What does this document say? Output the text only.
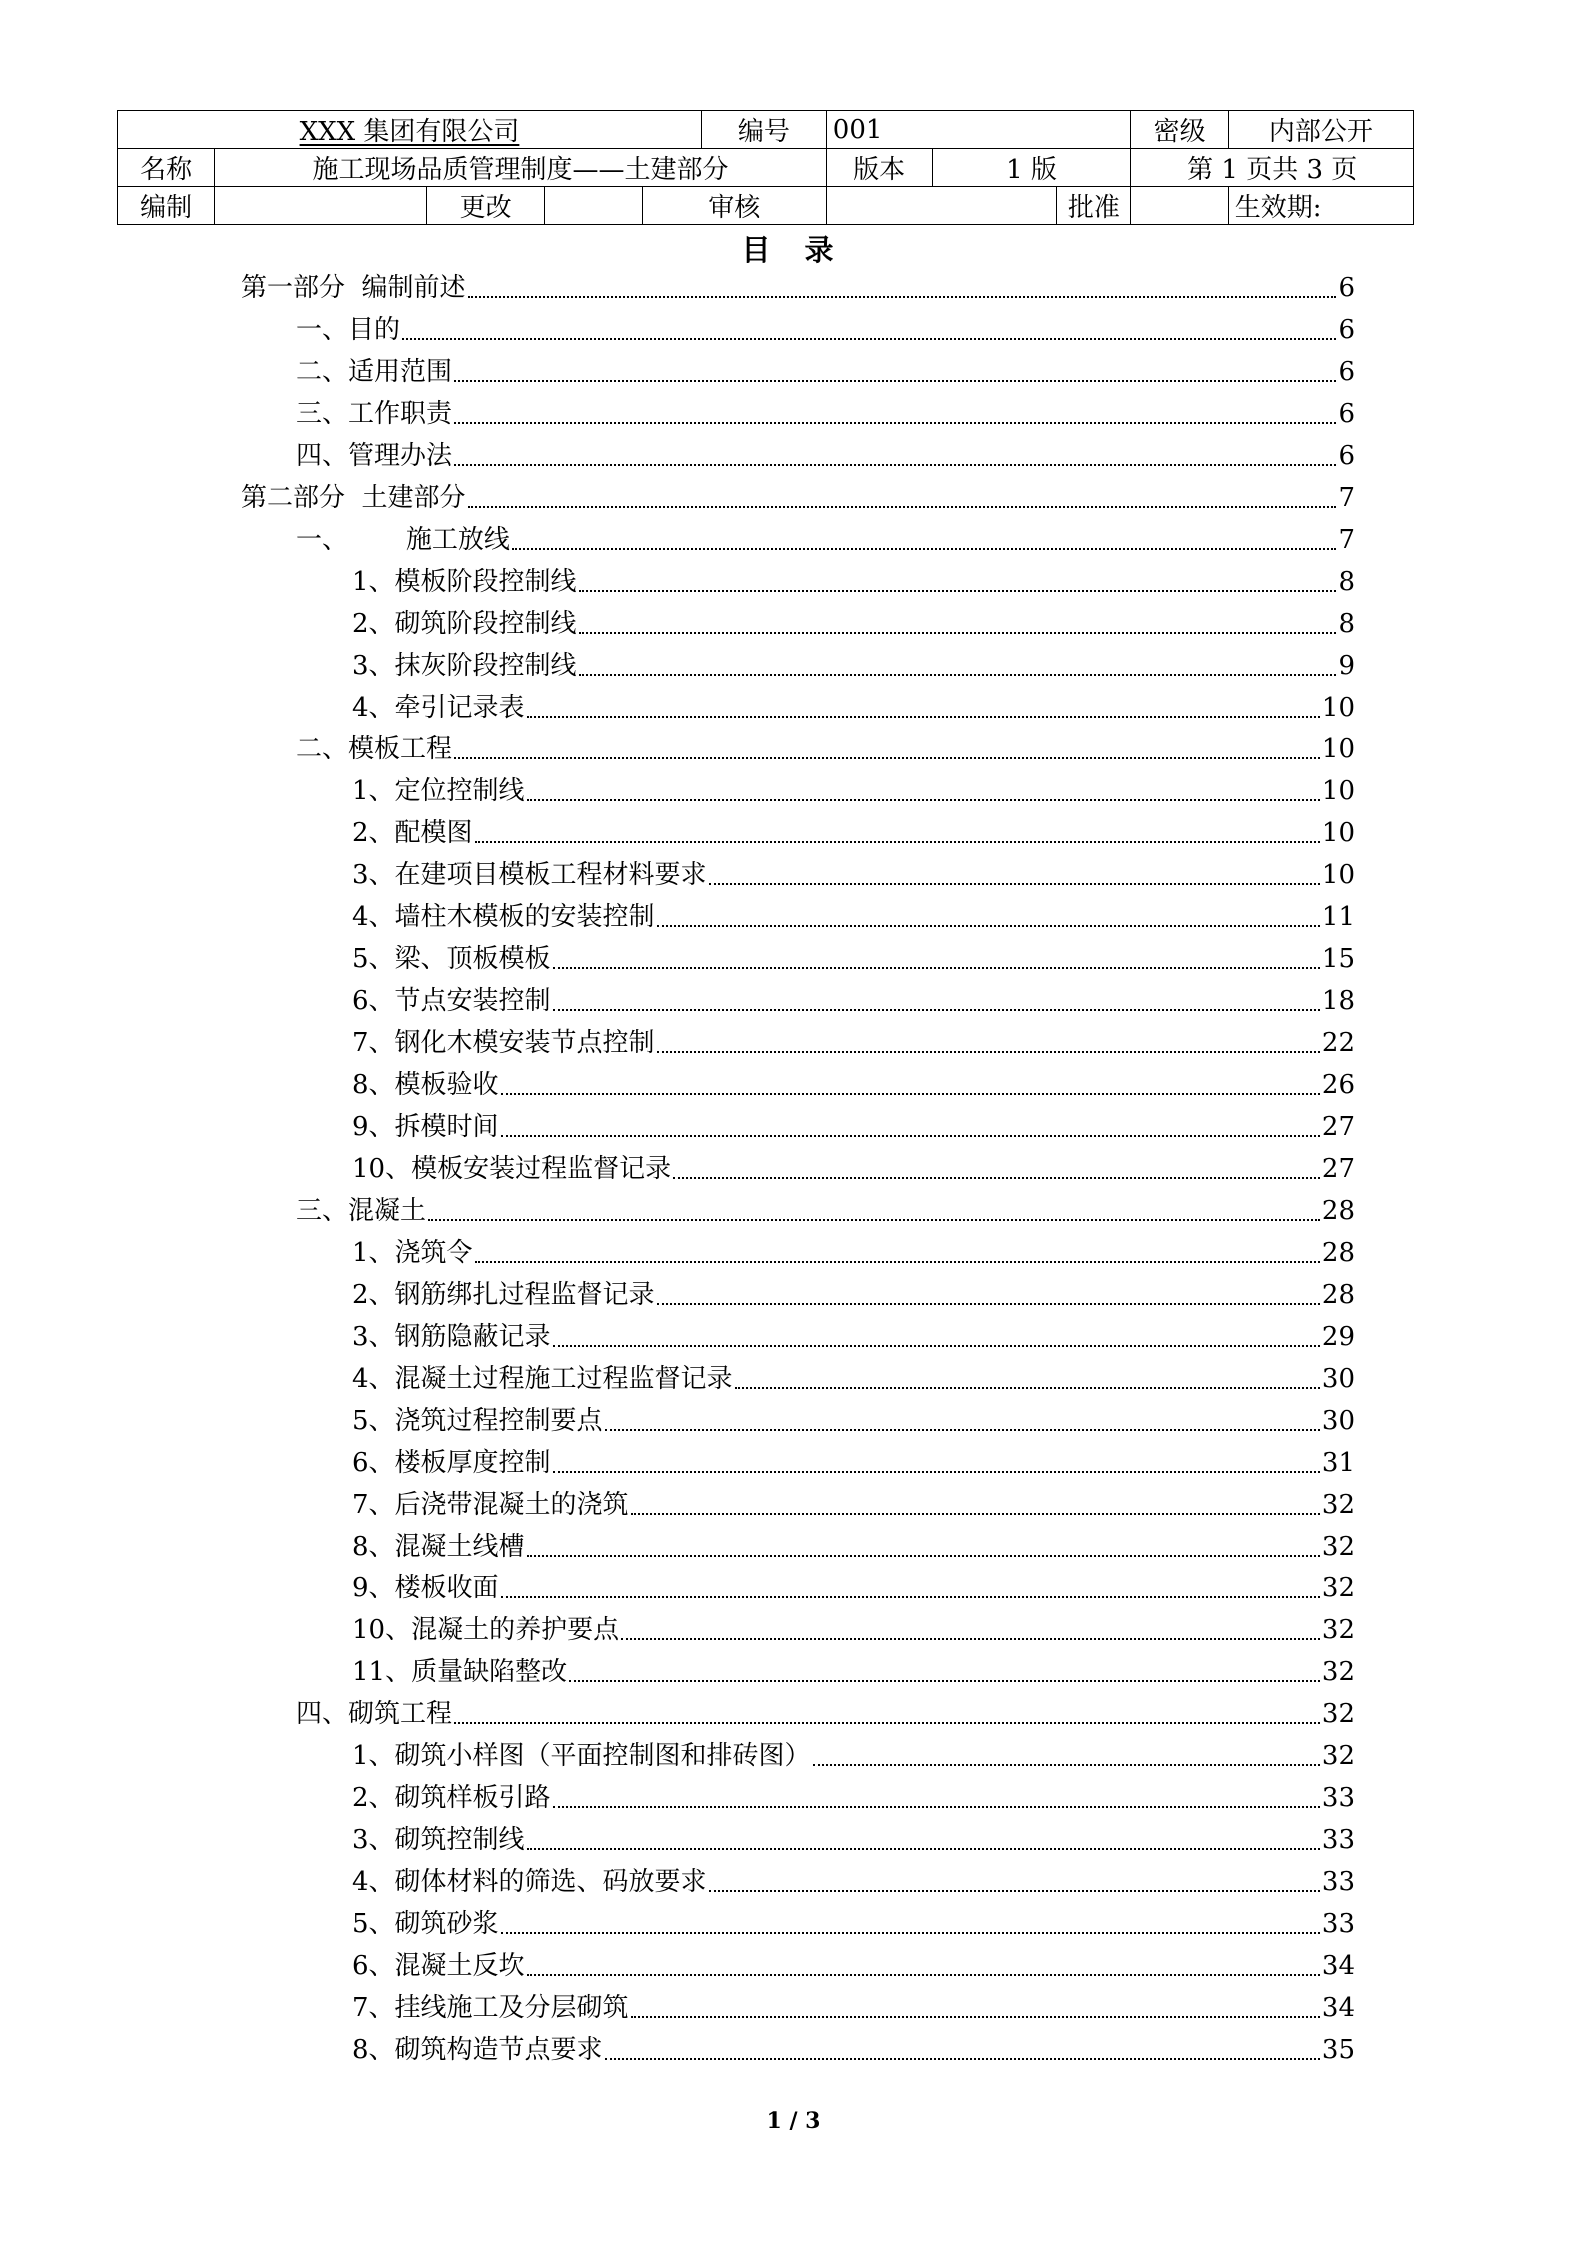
XXX 集团有限公司					编号	001			密级	内部公开
名称	施工现场品质管理制度——土建部分					版本	1 版		第 1 页共 3 页	
编制		更改		审核				批准		生效期:
目 录
第一部分  编制前述	6
一、目的	6
二、适用范围	6
三、工作职责	6
四、管理办法	6
第二部分  土建部分	7
一、       施工放线	7
1、模板阶段控制线	8
2、砌筑阶段控制线	8
3、抹灰阶段控制线	9
4、牵引记录表	10
二、模板工程	10
1、定位控制线	10
2、配模图	10
3、在建项目模板工程材料要求	10
4、墙柱木模板的安装控制	11
5、梁、顶板模板	15
6、节点安装控制	18
7、钢化木模安装节点控制	22
8、模板验收	26
9、拆模时间	27
10、模板安装过程监督记录	27
三、混凝土	28
1、浇筑令	28
2、钢筋绑扎过程监督记录	28
3、钢筋隐蔽记录	29
4、混凝土过程施工过程监督记录	30
5、浇筑过程控制要点	30
6、楼板厚度控制	31
7、后浇带混凝土的浇筑	32
8、混凝土线槽	32
9、楼板收面	32
10、混凝土的养护要点	32
11、质量缺陷整改	32
四、砌筑工程	32
1、砌筑小样图（平面控制图和排砖图）	32
2、砌筑样板引路	33
3、砌筑控制线	33
4、砌体材料的筛选、码放要求	33
5、砌筑砂浆	33
6、混凝土反坎	34
7、挂线施工及分层砌筑	34
8、砌筑构造节点要求	35
1 / 3
